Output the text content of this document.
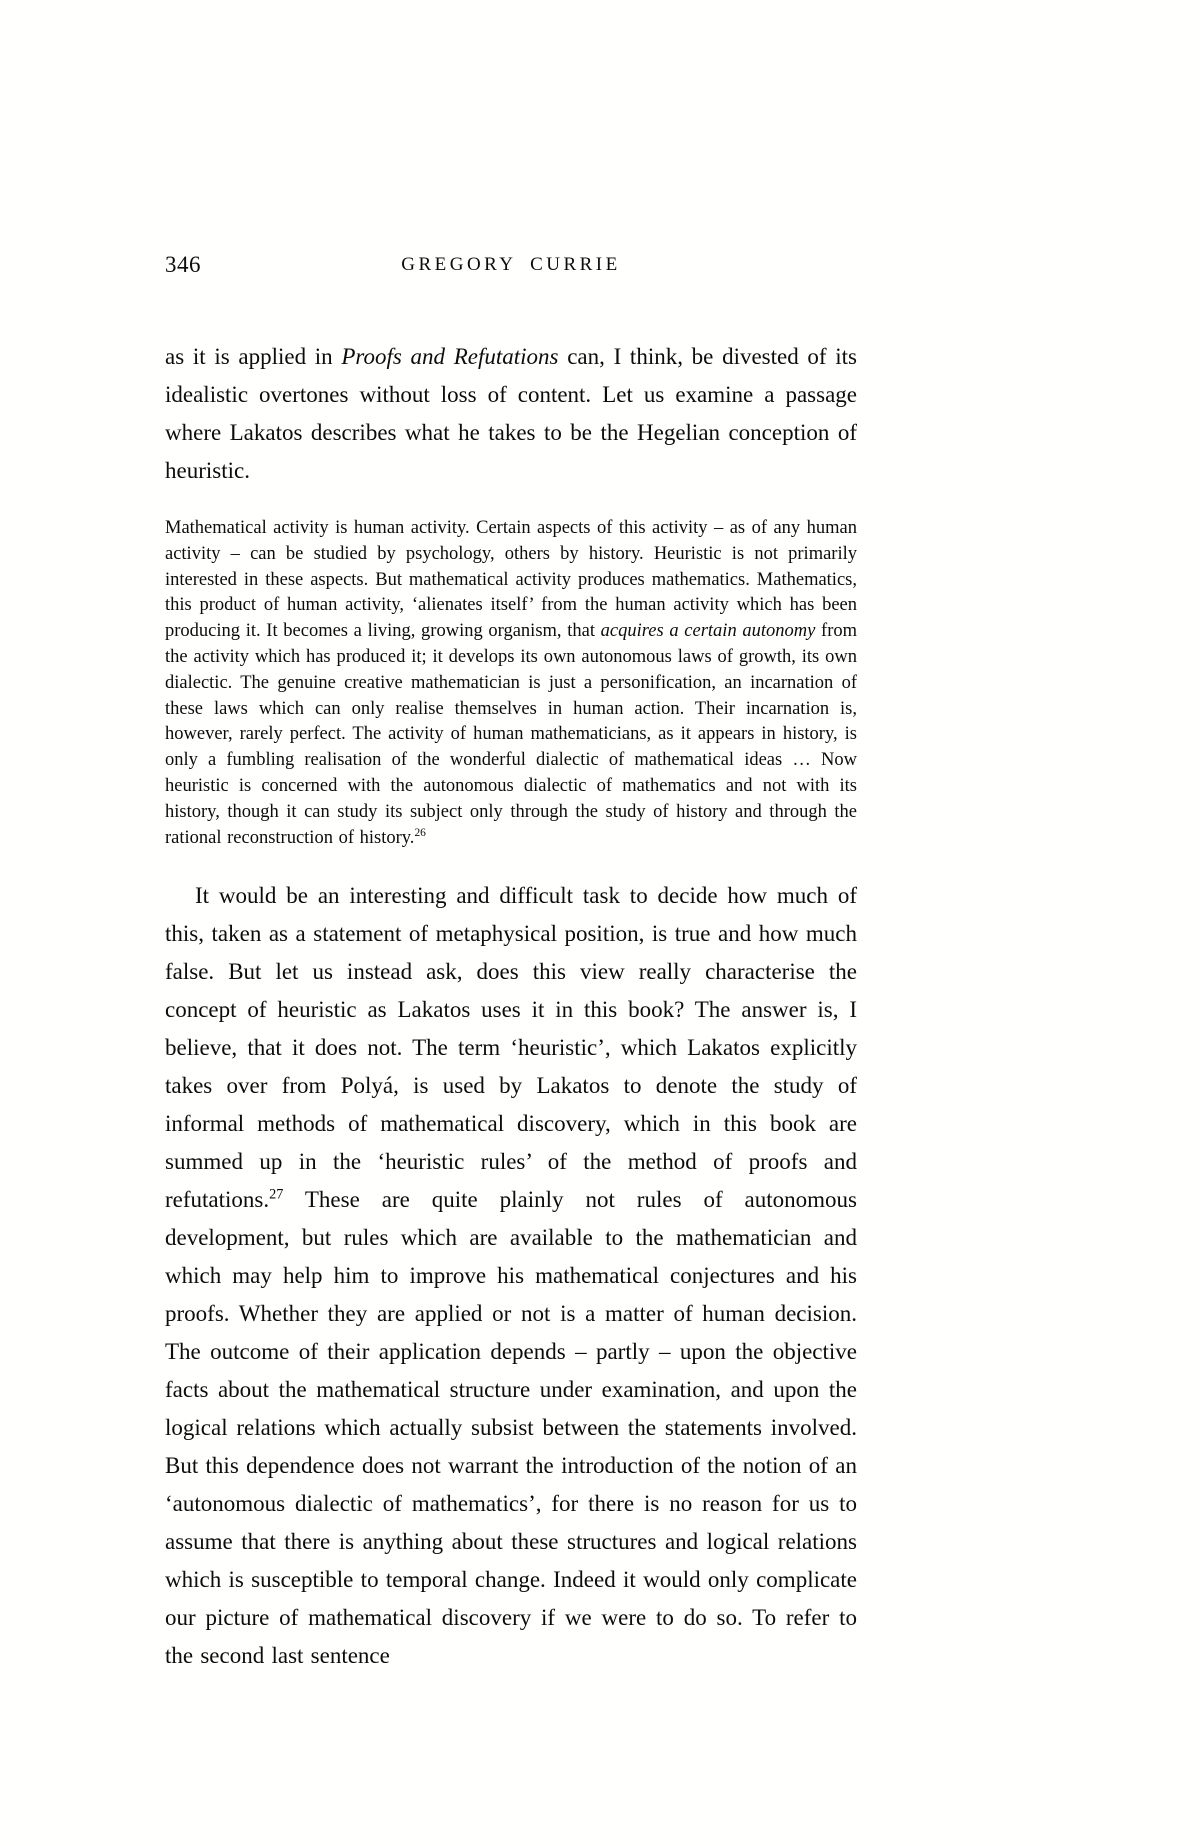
346	GREGORY CURRIE

as it is applied in Proofs and Refutations can, I think, be divested of its idealistic overtones without loss of content. Let us examine a passage where Lakatos describes what he takes to be the Hegelian conception of heuristic.

Mathematical activity is human activity. Certain aspects of this activity – as of any human activity – can be studied by psychology, others by history. Heuristic is not primarily interested in these aspects. But mathematical activity produces mathematics. Mathematics, this product of human activity, ‘alienates itself’ from the human activity which has been producing it. It becomes a living, growing organism, that acquires a certain autonomy from the activity which has produced it; it develops its own autonomous laws of growth, its own dialectic. The genuine creative mathematician is just a personification, an incarnation of these laws which can only realise themselves in human action. Their incarnation is, however, rarely perfect. The activity of human mathematicians, as it appears in history, is only a fumbling realisation of the wonderful dialectic of mathematical ideas … Now heuristic is concerned with the autonomous dialectic of mathematics and not with its history, though it can study its subject only through the study of history and through the rational reconstruction of history.$^{26}$

It would be an interesting and difficult task to decide how much of this, taken as a statement of metaphysical position, is true and how much false. But let us instead ask, does this view really characterise the concept of heuristic as Lakatos uses it in this book? The answer is, I believe, that it does not. The term ‘heuristic’, which Lakatos explicitly takes over from Polyá, is used by Lakatos to denote the study of informal methods of mathematical discovery, which in this book are summed up in the ‘heuristic rules’ of the method of proofs and refutations.$^{27}$ These are quite plainly not rules of autonomous development, but rules which are available to the mathematician and which may help him to improve his mathematical conjectures and his proofs. Whether they are applied or not is a matter of human decision. The outcome of their application depends – partly – upon the objective facts about the mathematical structure under examination, and upon the logical relations which actually subsist between the statements involved. But this dependence does not warrant the introduction of the notion of an ‘autonomous dialectic of mathematics’, for there is no reason for us to assume that there is anything about these structures and logical relations which is susceptible to temporal change. Indeed it would only complicate our picture of mathematical discovery if we were to do so. To refer to the second last sentence
